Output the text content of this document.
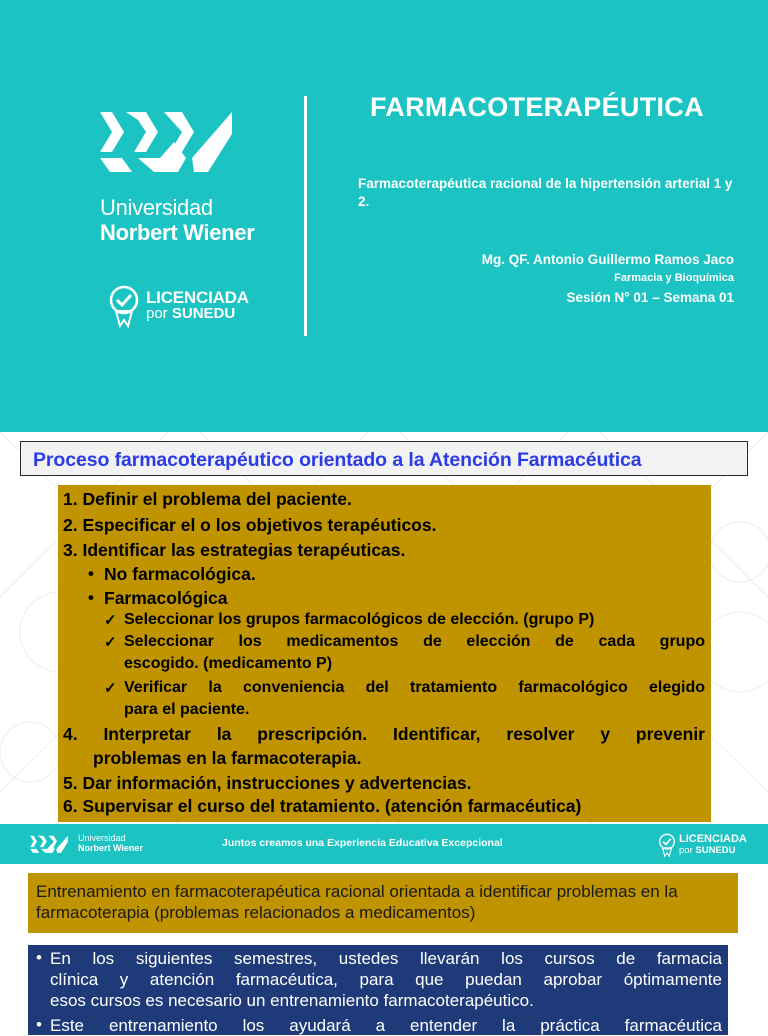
Universidad
Norbert Wiener
LICENCIADA
por SUNEDU
FARMACOTERAPÉUTICA
Farmacoterapéutica racional de la hipertensión arterial 1 y 2.
Mg. QF. Antonio Guillermo Ramos Jaco
Farmacia y Bioquímica
Sesión N° 01 – Semana 01
Proceso farmacoterapéutico orientado a la Atención Farmacéutica
1. Definir el problema del paciente.
2. Especificar el o los objetivos terapéuticos.
3. Identificar las estrategias terapéuticas.
• No farmacológica.
• Farmacológica
✓ Seleccionar los grupos farmacológicos de elección. (grupo P)
✓ Seleccionar los medicamentos de elección de cada grupo
escogido. (medicamento P)
✓ Verificar la conveniencia del tratamiento farmacológico elegido
para el paciente.
4. Interpretar la prescripción. Identificar, resolver y prevenir
problemas en la farmacoterapia.
5. Dar información, instrucciones y advertencias.
6. Supervisar el curso del tratamiento. (atención farmacéutica)
Universidad
Norbert Wiener	Juntos creamos una Experiencia Educativa Excepcional	LICENCIADA
por SUNEDU
Entrenamiento en farmacoterapéutica racional orientada a identificar problemas en la farmacoterapia (problemas relacionados a medicamentos)
• En los siguientes semestres, ustedes llevarán los cursos de farmacia
clínica y atención farmacéutica, para que puedan aprobar óptimamente
esos cursos es necesario un entrenamiento farmacoterapéutico.
• Este entrenamiento los ayudará a entender la práctica farmacéutica
